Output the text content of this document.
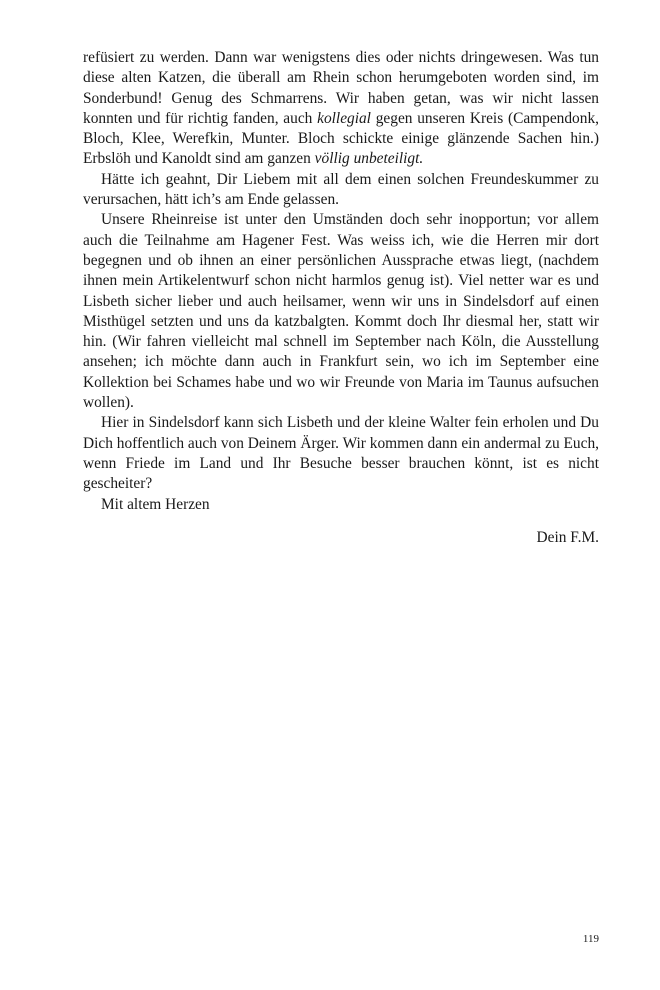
refüsiert zu werden. Dann war wenigstens dies oder nichts dringewesen. Was tun diese alten Katzen, die überall am Rhein schon herumgeboten worden sind, im Sonderbund! Genug des Schmarrens. Wir haben getan, was wir nicht lassen konnten und für richtig fanden, auch kollegial gegen unseren Kreis (Campendonk, Bloch, Klee, Werefkin, Munter. Bloch schickte einige glänzende Sachen hin.) Erbslöh und Kanoldt sind am ganzen völlig unbeteiligt.

Hätte ich geahnt, Dir Liebem mit all dem einen solchen Freundeskummer zu verursachen, hätt ich’s am Ende gelassen.

Unsere Rheinreise ist unter den Umständen doch sehr inopportun; vor allem auch die Teilnahme am Hagener Fest. Was weiss ich, wie die Herren mir dort begegnen und ob ihnen an einer persönlichen Aussprache etwas liegt, (nachdem ihnen mein Artikelentwurf schon nicht harmlos genug ist). Viel netter war es und Lisbeth sicher lieber und auch heilsamer, wenn wir uns in Sindelsdorf auf einen Misthügel setzten und uns da katzbalgten. Kommt doch Ihr diesmal her, statt wir hin. (Wir fahren vielleicht mal schnell im September nach Köln, die Ausstellung ansehen; ich möchte dann auch in Frankfurt sein, wo ich im September eine Kollektion bei Schames habe und wo wir Freunde von Maria im Taunus aufsuchen wollen).

Hier in Sindelsdorf kann sich Lisbeth und der kleine Walter fein erholen und Du Dich hoffentlich auch von Deinem Ärger. Wir kommen dann ein andermal zu Euch, wenn Friede im Land und Ihr Besuche besser brauchen könnt, ist es nicht gescheiter?

Mit altem Herzen

Dein F.M.
119
